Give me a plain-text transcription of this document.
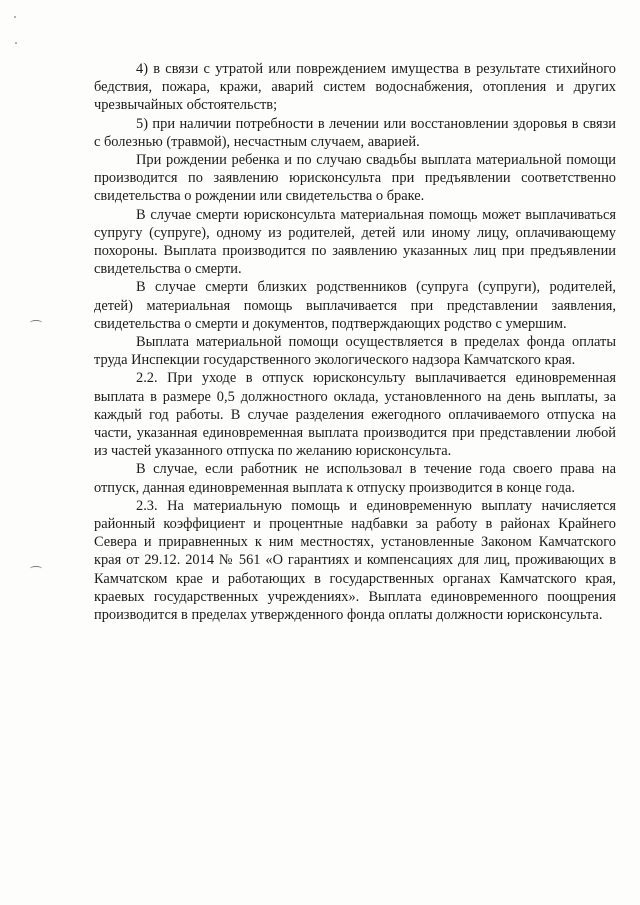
4) в связи с утратой или повреждением имущества в результате стихийного бедствия, пожара, кражи, аварий систем водоснабжения, отопления и других чрезвычайных обстоятельств;

5) при наличии потребности в лечении или восстановлении здоровья в связи с болезнью (травмой), несчастным случаем, аварией.

При рождении ребенка и по случаю свадьбы выплата материальной помощи производится по заявлению юрисконсульта при предъявлении соответственно свидетельства о рождении или свидетельства о браке.

В случае смерти юрисконсульта материальная помощь может выплачиваться супругу (супруге), одному из родителей, детей или иному лицу, оплачивающему похороны. Выплата производится по заявлению указанных лиц при предъявлении свидетельства о смерти.

В случае смерти близких родственников (супруга (супруги), родителей, детей) материальная помощь выплачивается при представлении заявления, свидетельства о смерти и документов, подтверждающих родство с умершим.

Выплата материальной помощи осуществляется в пределах фонда оплаты труда Инспекции государственного экологического надзора Камчатского края.

2.2. При уходе в отпуск юрисконсульту выплачивается единовременная выплата в размере 0,5 должностного оклада, установленного на день выплаты, за каждый год работы. В случае разделения ежегодного оплачиваемого отпуска на части, указанная единовременная выплата производится при представлении любой из частей указанного отпуска по желанию юрисконсульта.

В случае, если работник не использовал в течение года своего права на отпуск, данная единовременная выплата к отпуску производится в конце года.

2.3. На материальную помощь и единовременную выплату начисляется районный коэффициент и процентные надбавки за работу в районах Крайнего Севера и приравненных к ним местностях, установленные Законом Камчатского края от 29.12. 2014 № 561 «О гарантиях и компенсациях для лиц, проживающих в Камчатском крае и работающих в государственных органах Камчатского края, краевых государственных учреждениях». Выплата единовременного поощрения производится в пределах утвержденного фонда оплаты должности юрисконсульта.
